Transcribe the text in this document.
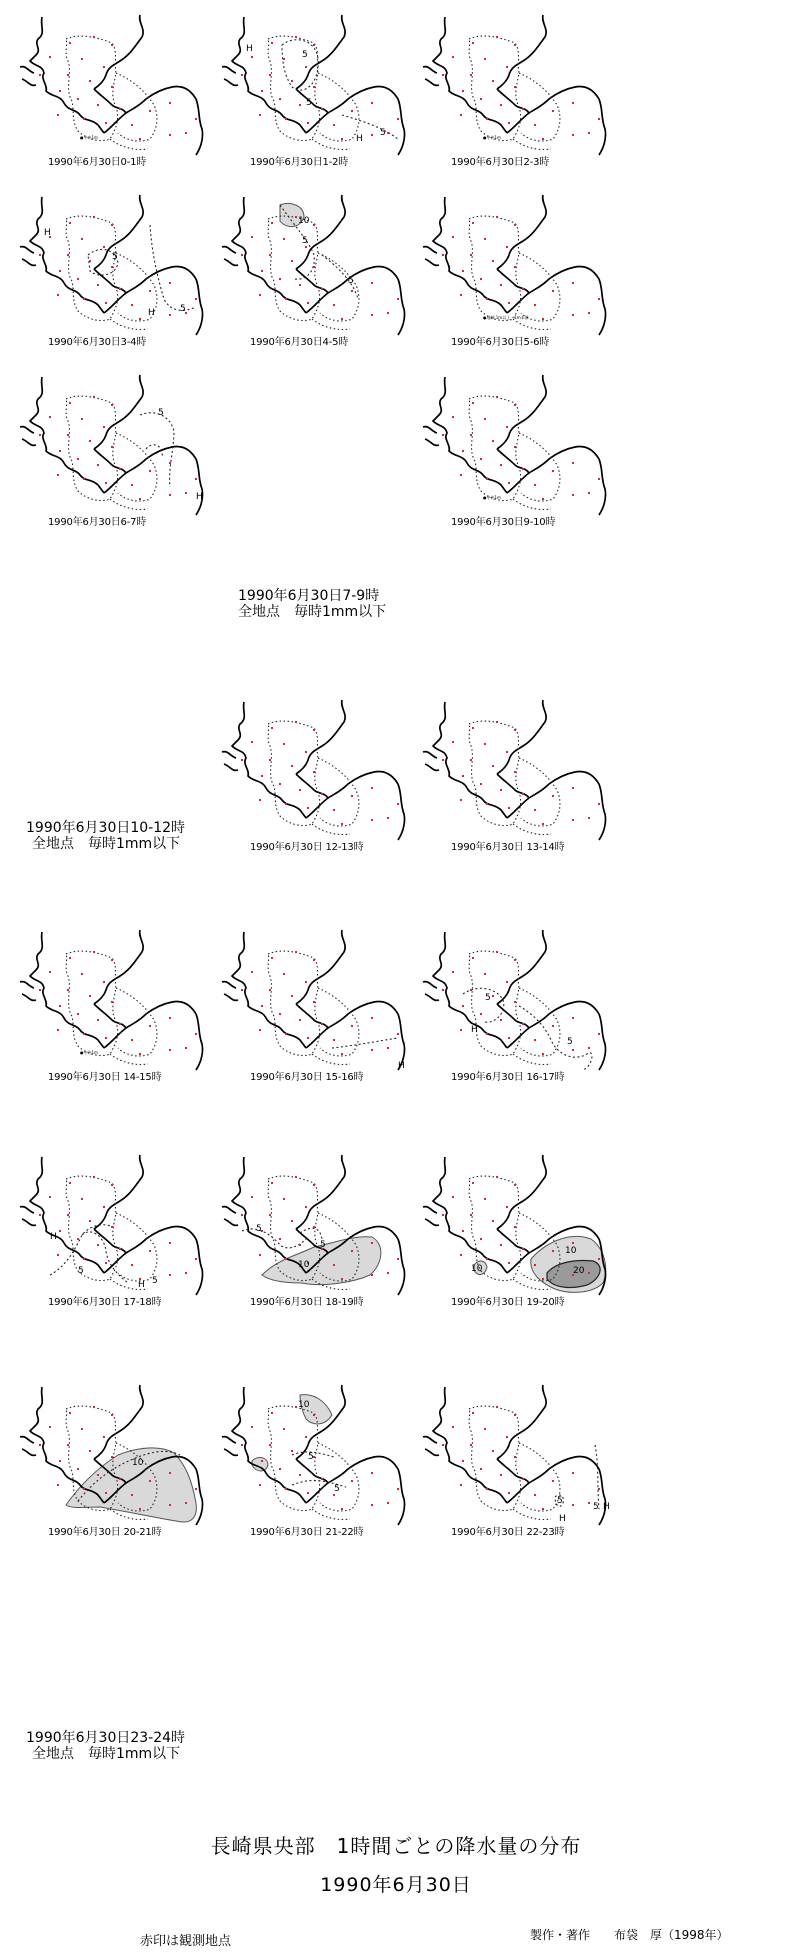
●中央1m
1990年6月30日0-1時
5
5
5
H
H
1990年6月30日1-2時
●中央1m
1990年6月30日2-3時
5
5
H
H
1990年6月30日3-4時
10
5
5
1990年6月30日4-5時
●地域 1m以上・1m未満
1990年6月30日5-6時
5
H
1990年6月30日6-7時
1990年6月30日7-9時
全地点　毎時1mm以下
●中央1m
1990年6月30日9-10時
1990年6月30日10-12時
全地点　毎時1mm以下	1990年6月30日 12-13時	1990年6月30日 13-14時
●中央1m
1990年6月30日 14-15時
H
1990年6月30日 15-16時
5
5
H
1990年6月30日 16-17時
5
5
H
H
1990年6月30日 17-18時
5
10
5
1990年6月30日 18-19時
10
10
20
1990年6月30日 19-20時
10
1990年6月30日 20-21時
10
5
5
1990年6月30日 21-22時
5
5
H
H
1990年6月30日 22-23時
1990年6月30日23-24時
全地点　毎時1mm以下
長崎県央部　1時間ごとの降水量の分布
1990年6月30日
赤印は観測地点	製作・著作　　布袋　厚（1998年）
